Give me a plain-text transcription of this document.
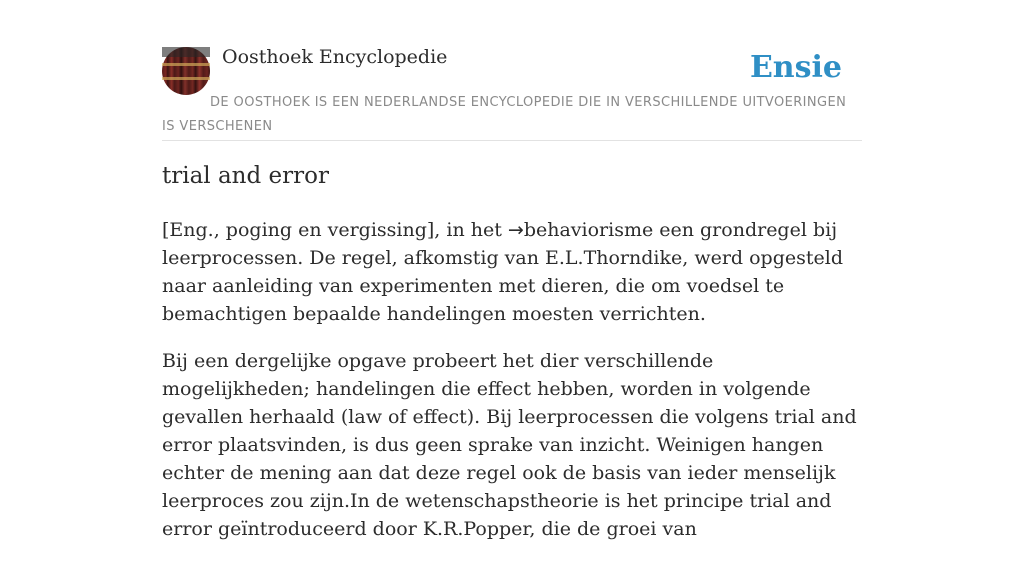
Oosthoek Encyclopedie	Ensie
DE OOSTHOEK IS EEN NEDERLANDSE ENCYCLOPEDIE DIE IN VERSCHILLENDE UITVOERINGEN IS VERSCHENEN
trial and error

[Eng., poging en vergissing], in het →behaviorisme een grondregel bij leerprocessen. De regel, afkomstig van E.L.Thorndike, werd opgesteld naar aanleiding van experimenten met dieren, die om voedsel te bemachtigen bepaalde handelingen moesten verrichten.

Bij een dergelijke opgave probeert het dier verschillende mogelijkheden; handelingen die effect hebben, worden in volgende gevallen herhaald (law of effect). Bij leerprocessen die volgens trial and error plaatsvinden, is dus geen sprake van inzicht. Weinigen hangen echter de mening aan dat deze regel ook de basis van ieder menselijk leerproces zou zijn.In de wetenschapstheorie is het principe trial and error geïntroduceerd door K.R.Popper, die de groei van
